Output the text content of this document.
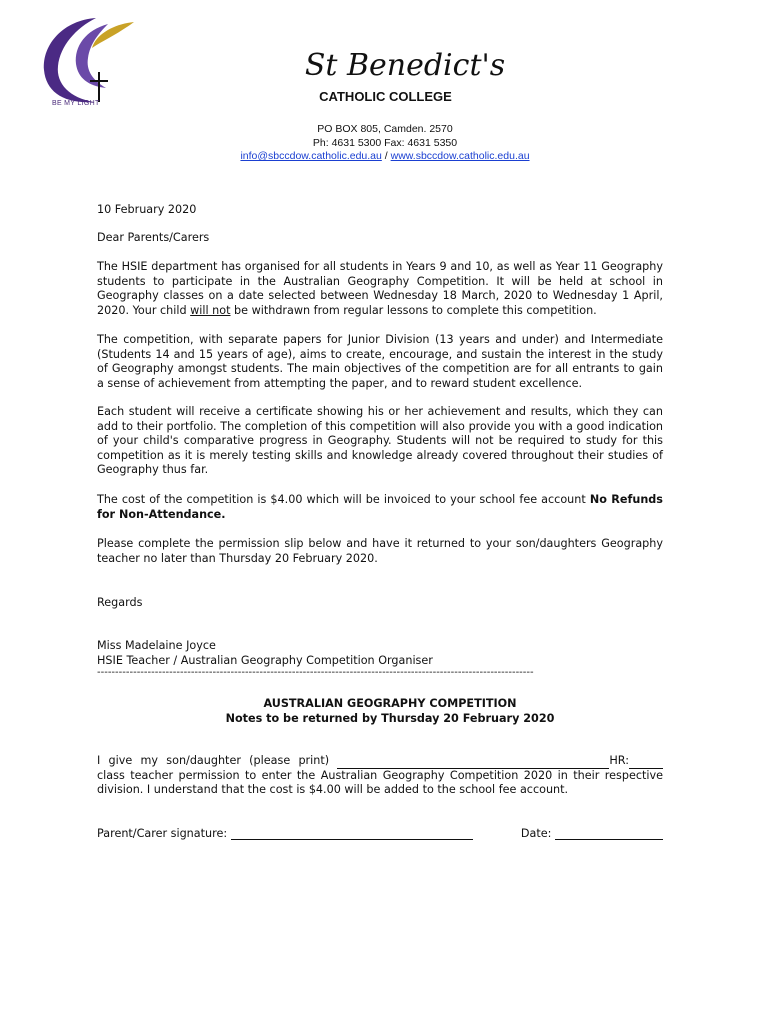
BE MY LIGHT
St Benedict's
CATHOLIC COLLEGE
PO BOX 805, Camden. 2570
Ph: 4631 5300 Fax: 4631 5350
info@sbccdow.catholic.edu.au / www.sbccdow.catholic.edu.au
10 February 2020
Dear Parents/Carers
The HSIE department has organised for all students in Years 9 and 10, as well as Year 11 Geography students to participate in the Australian Geography Competition. It will be held at school in Geography classes on a date selected between Wednesday 18 March, 2020 to Wednesday 1 April, 2020. Your child will not be withdrawn from regular lessons to complete this competition.
The competition, with separate papers for Junior Division (13 years and under) and Intermediate (Students 14 and 15 years of age), aims to create, encourage, and sustain the interest in the study of Geography amongst students. The main objectives of the competition are for all entrants to gain a sense of achievement from attempting the paper, and to reward student excellence.
Each student will receive a certificate showing his or her achievement and results, which they can add to their portfolio. The completion of this competition will also provide you with a good indication of your child's comparative progress in Geography. Students will not be required to study for this competition as it is merely testing skills and knowledge already covered throughout their studies of Geography thus far.
The cost of the competition is $4.00 which will be invoiced to your school fee account No Refunds for Non-Attendance.
Please complete the permission slip below and have it returned to your son/daughters Geography teacher no later than Thursday 20 February 2020.
Regards
Miss Madelaine Joyce
HSIE Teacher / Australian Geography Competition Organiser
-------------------------------------------------------------------------------------------------------------------------
AUSTRALIAN GEOGRAPHY COMPETITION
Notes to be returned by Thursday 20 February 2020
I give my son/daughter (please print)	HR: class teacher permission to enter the Australian Geography Competition 2020 in their respective division. I understand that the cost is $4.00 will be added to the school fee account.
Parent/Carer signature:	Date:
